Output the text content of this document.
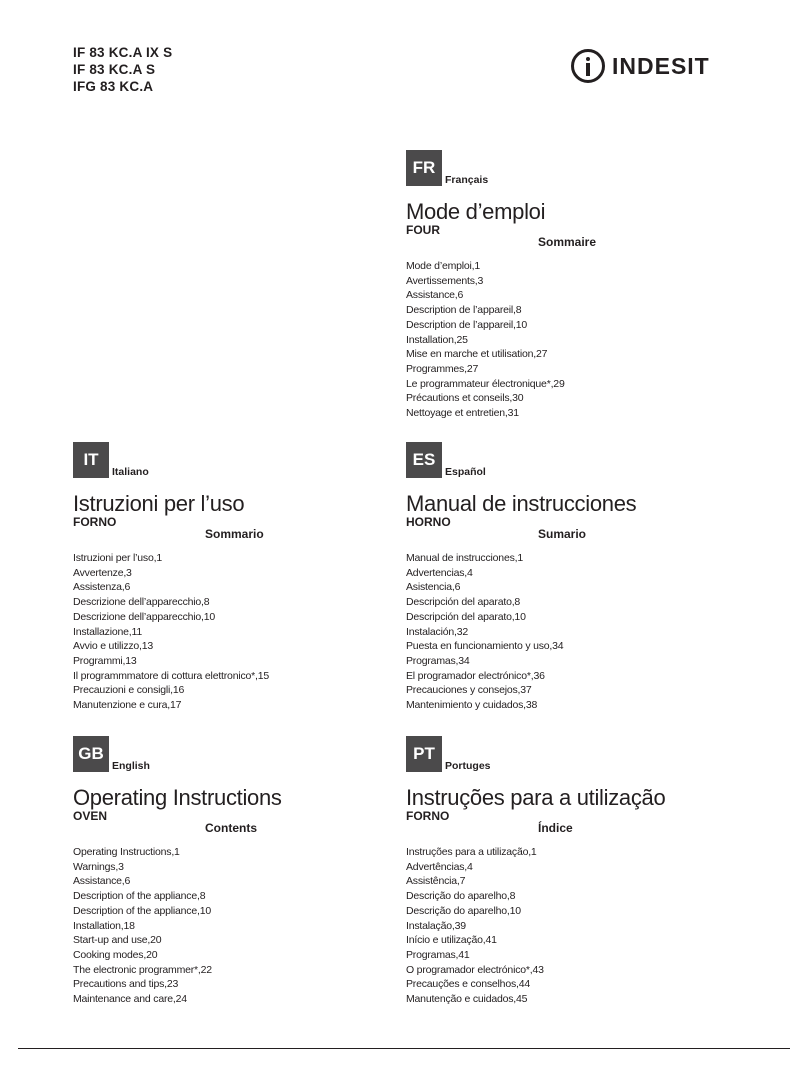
IF 83 KC.A IX S
IF 83 KC.A S
IFG 83 KC.A
INDESIT
FR
Français
Mode d’emploi
FOUR
Sommaire
Mode d’emploi,1
Avertissements,3
Assistance,6
Description de l’appareil,8
Description de l’appareil,10
Installation,25
Mise en marche et utilisation,27
Programmes,27
Le programmateur électronique*,29
Précautions et conseils,30
Nettoyage et entretien,31
IT
Italiano
Istruzioni per l’uso
FORNO
Sommario
Istruzioni per l’uso,1
Avvertenze,3
Assistenza,6
Descrizione dell’apparecchio,8
Descrizione dell’apparecchio,10
Installazione,11
Avvio e utilizzo,13
Programmi,13
Il programmmatore di cottura elettronico*,15
Precauzioni e consigli,16
Manutenzione e cura,17
ES
Español
Manual de instrucciones
HORNO
Sumario
Manual de instrucciones,1
Advertencias,4
Asistencia,6
Descripción del aparato,8
Descripción del aparato,10
Instalación,32
Puesta en funcionamiento y uso,34
Programas,34
El programador electrónico*,36
Precauciones y consejos,37
Mantenimiento y cuidados,38
GB
English
Operating Instructions
OVEN
Contents
Operating Instructions,1
Warnings,3
Assistance,6
Description of the appliance,8
Description of the appliance,10
Installation,18
Start-up and use,20
Cooking modes,20
The electronic programmer*,22
Precautions and tips,23
Maintenance and care,24
PT
Portuges
Instruções para a utilização
FORNO
Índice
Instruções para a utilização,1
Advertências,4
Assistência,7
Descrição do aparelho,8
Descrição do aparelho,10
Instalação,39
Início e utilização,41
Programas,41
O programador electrónico*,43
Precauções e conselhos,44
Manutenção e cuidados,45
